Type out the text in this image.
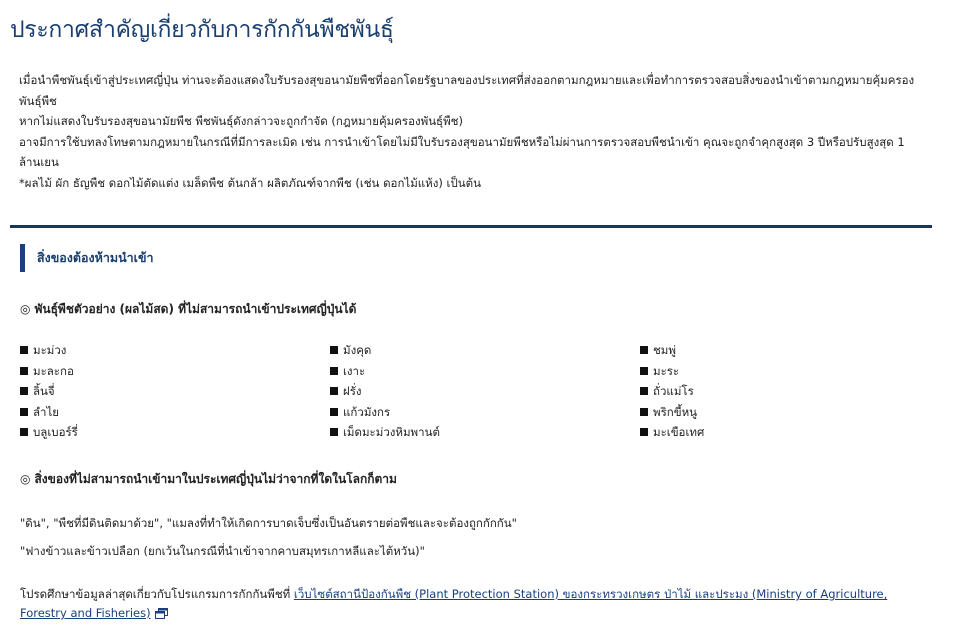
ประกาศสำคัญเกี่ยวกับการกักกันพืชพันธุ์

เมื่อนำพืชพันธุ์เข้าสู่ประเทศญี่ปุ่น ท่านจะต้องแสดงใบรับรองสุขอนามัยพืชที่ออกโดยรัฐบาลของประเทศที่ส่งออกตามกฎหมายและเพื่อทำการตรวจสอบสิ่งของนำเข้าตามกฎหมายคุ้มครองพันธุ์พืช

หากไม่แสดงใบรับรองสุขอนามัยพืช พืชพันธุ์ดังกล่าวจะถูกกำจัด (กฎหมายคุ้มครองพันธุ์พืช)

อาจมีการใช้บทลงโทษตามกฎหมายในกรณีที่มีการละเมิด เช่น การนำเข้าโดยไม่มีใบรับรองสุขอนามัยพืชหรือไม่ผ่านการตรวจสอบพืชนำเข้า คุณจะถูกจำคุกสูงสุด 3 ปีหรือปรับสูงสุด 1 ล้านเยน

*ผลไม้ ผัก ธัญพืช ดอกไม้ตัดแต่ง เมล็ดพืช ต้นกล้า ผลิตภัณฑ์จากพืช (เช่น ดอกไม้แห้ง) เป็นต้น

สิ่งของต้องห้ามนำเข้า
◎ พันธุ์พืชตัวอย่าง (ผลไม้สด) ที่ไม่สามารถนำเข้าประเทศญี่ปุ่นได้
มะม่วง
มะละกอ
ลิ้นจี่
ลำไย
บลูเบอร์รี่
มังคุด
เงาะ
ฝรั่ง
แก้วมังกร
เม็ดมะม่วงหิมพานต์
ชมพู่
มะระ
ถั่วแม่โร
พริกขี้หนู
มะเขือเทศ
◎ สิ่งของที่ไม่สามารถนำเข้ามาในประเทศญี่ปุ่นไม่ว่าจากที่ใดในโลกก็ตาม
"ดิน", "พืชที่มีดินติดมาด้วย", "แมลงที่ทำให้เกิดการบาดเจ็บซึ่งเป็นอันตรายต่อพืชและจะต้องถูกกักกัน"
"ฟางข้าวและข้าวเปลือก (ยกเว้นในกรณีที่นำเข้าจากคาบสมุทรเกาหลีและไต้หวัน)"
โปรดศึกษาข้อมูลล่าสุดเกี่ยวกับโปรแกรมการกักกันพืชที่ เว็บไซต์สถานีป้องกันพืช (Plant Protection Station) ของกระทรวงเกษตร ป่าไม้ และประมง (Ministry of Agriculture, Forestry and Fisheries)
